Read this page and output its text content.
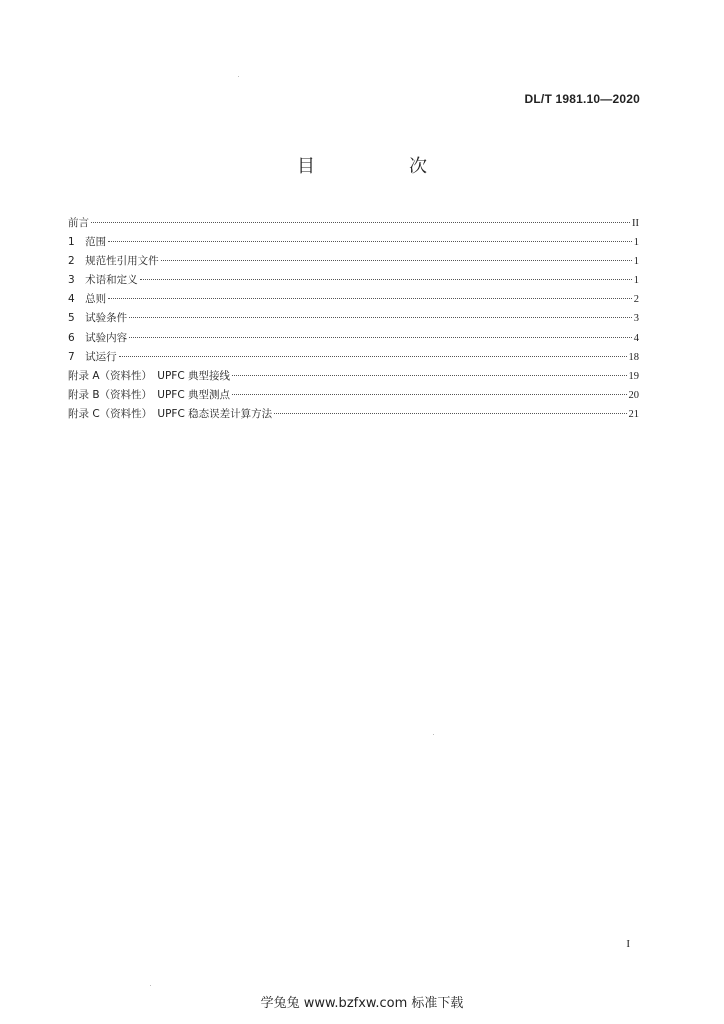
DL/T 1981.10—2020
目　次
前言	II
1　范围	1
2　规范性引用文件	1
3　术语和定义	1
4　总则	2
5　试验条件	3
6　试验内容	4
7　试运行	18
附录 A（资料性）　UPFC 典型接线	19
附录 B（资料性）　UPFC 典型测点	20
附录 C（资料性）　UPFC 稳态误差计算方法	21
I
学兔兔 www.bzfxw.com 标准下载
